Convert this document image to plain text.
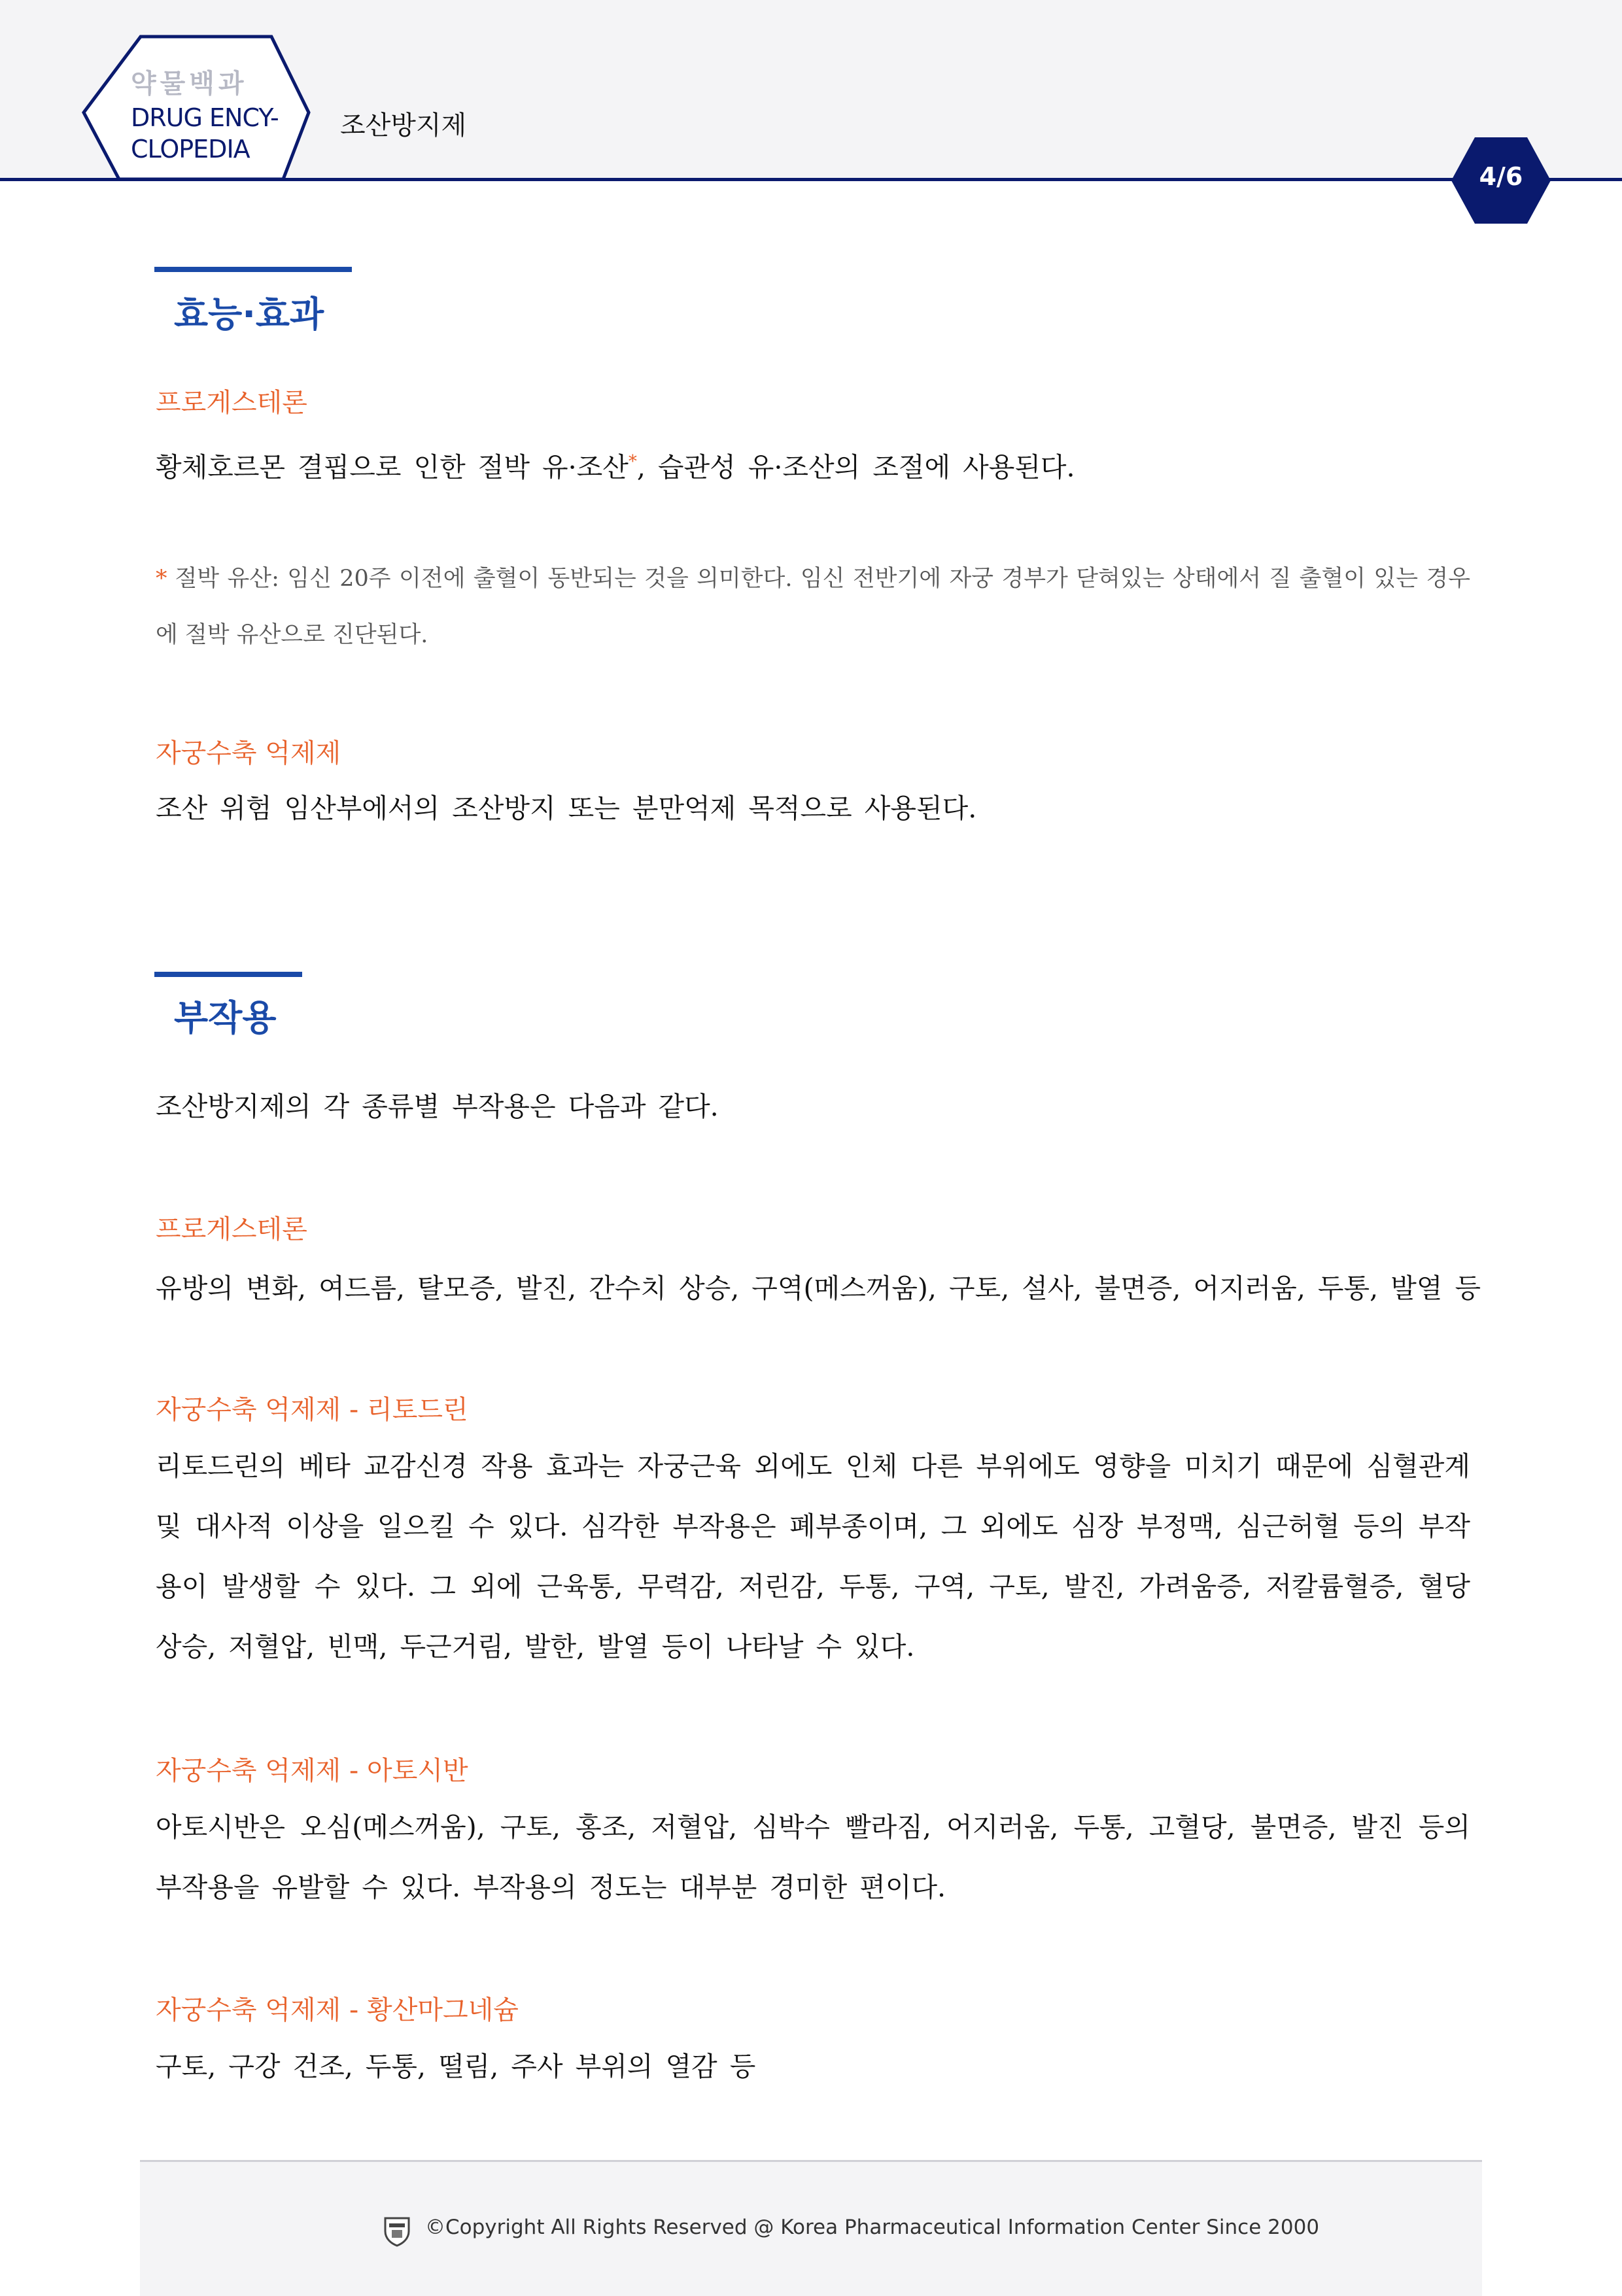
약물백과
DRUG ENCY-
CLOPEDIA
조산방지제
4/6
효능·효과
프로게스테론
황체호르몬 결핍으로 인한 절박 유·조산*, 습관성 유·조산의 조절에 사용된다.
* 절박 유산: 임신 20주 이전에 출혈이 동반되는 것을 의미한다. 임신 전반기에 자궁 경부가 닫혀있는 상태에서 질 출혈이 있는 경우에 절박 유산으로 진단된다.
자궁수축 억제제
조산 위험 임산부에서의 조산방지 또는 분만억제 목적으로 사용된다.
부작용
조산방지제의 각 종류별 부작용은 다음과 같다.
프로게스테론
유방의 변화, 여드름, 탈모증, 발진, 간수치 상승, 구역(메스꺼움), 구토, 설사, 불면증, 어지러움, 두통, 발열 등
자궁수축 억제제 - 리토드린
리토드린의 베타 교감신경 작용 효과는 자궁근육 외에도 인체 다른 부위에도 영향을 미치기 때문에 심혈관계 및 대사적 이상을 일으킬 수 있다. 심각한 부작용은 폐부종이며, 그 외에도 심장 부정맥, 심근허혈 등의 부작용이 발생할 수 있다. 그 외에 근육통, 무력감, 저린감, 두통, 구역, 구토, 발진, 가려움증, 저칼륨혈증, 혈당 상승, 저혈압, 빈맥, 두근거림, 발한, 발열 등이 나타날 수 있다.
자궁수축 억제제 - 아토시반
아토시반은 오심(메스꺼움), 구토, 홍조, 저혈압, 심박수 빨라짐, 어지러움, 두통, 고혈당, 불면증, 발진 등의 부작용을 유발할 수 있다. 부작용의 정도는 대부분 경미한 편이다.
자궁수축 억제제 - 황산마그네슘
구토, 구강 건조, 두통, 떨림, 주사 부위의 열감 등
©Copyright All Rights Reserved @ Korea Pharmaceutical Information Center Since 2000
